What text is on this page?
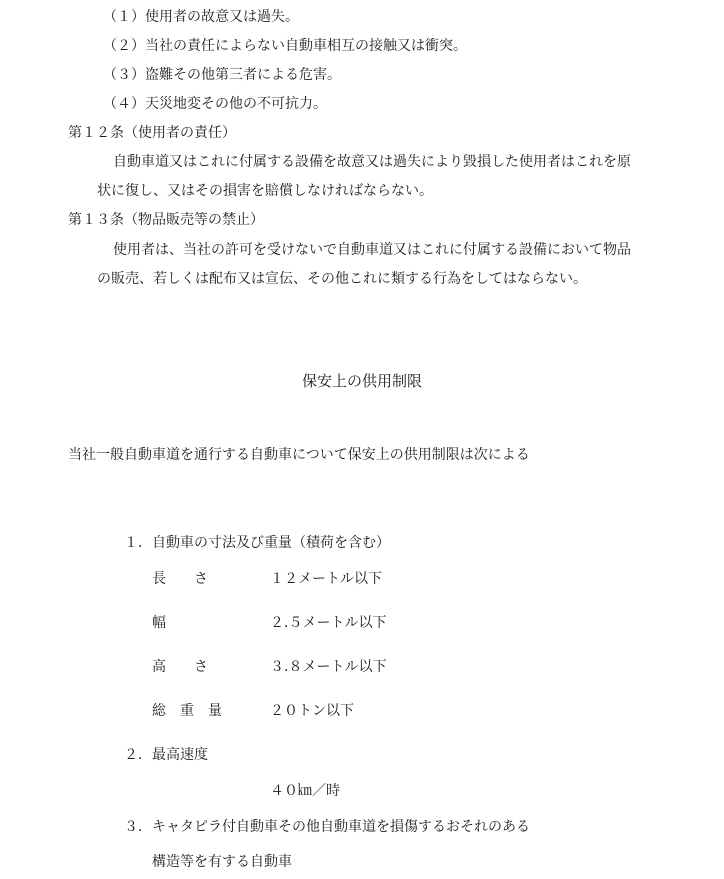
（１）使用者の故意又は過失。
（２）当社の責任によらない自動車相互の接触又は衝突。
（３）盗難その他第三者による危害。
（４）天災地変その他の不可抗力。
第１２条（使用者の責任）
自動車道又はこれに付属する設備を故意又は過失により毀損した使用者はこれを原
状に復し、又はその損害を賠償しなければならない。
第１３条（物品販売等の禁止）
使用者は、当社の許可を受けないで自動車道又はこれに付属する設備において物品
の販売、若しくは配布又は宣伝、その他これに類する行為をしてはならない。
保安上の供用制限
当社一般自動車道を通行する自動車について保安上の供用制限は次による
１． 自動車の寸法及び重量（積荷を含む）
長　　さ	１２メートル以下
幅	２.５メートル以下
高　　さ	３.８メートル以下
総　重　量	２０トン以下
２． 最高速度
４０㎞／時
３． キャタピラ付自動車その他自動車道を損傷するおそれのある
構造等を有する自動車
